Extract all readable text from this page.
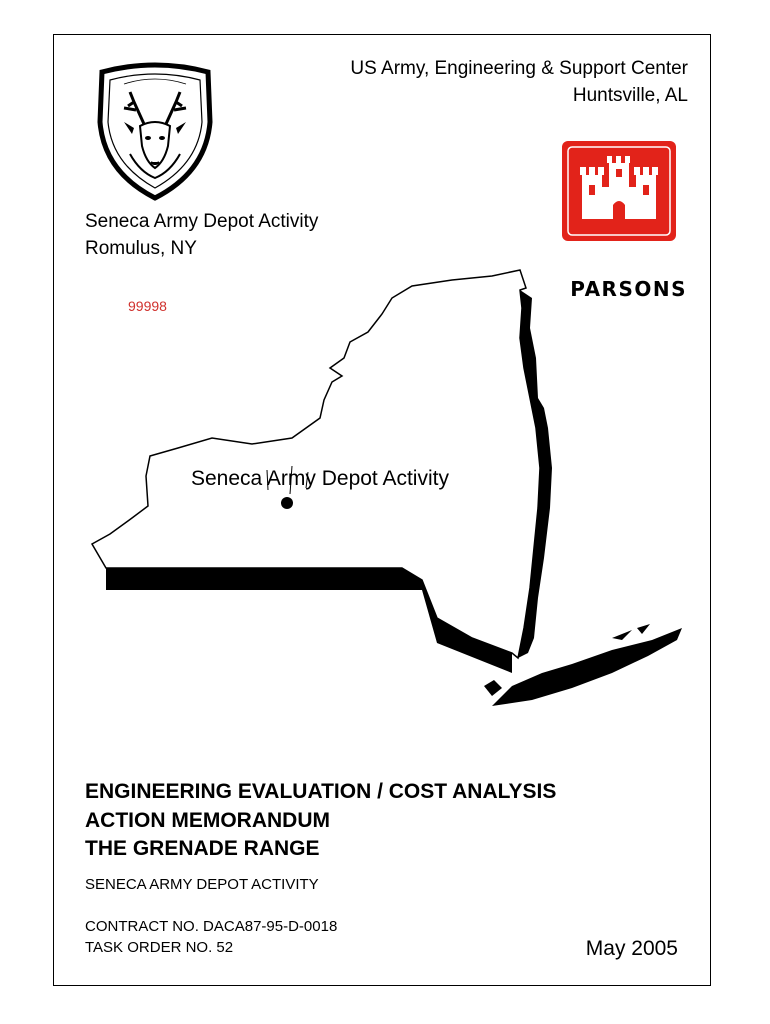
US Army, Engineering & Support Center
Huntsville, AL
Seneca Army Depot Activity
Romulus, NY
99998
PARSONS
Seneca Army Depot Activity
ENGINEERING EVALUATION / COST ANALYSIS
ACTION MEMORANDUM
THE GRENADE RANGE
SENECA ARMY DEPOT ACTIVITY
CONTRACT NO. DACA87-95-D-0018
TASK ORDER NO. 52	May 2005
